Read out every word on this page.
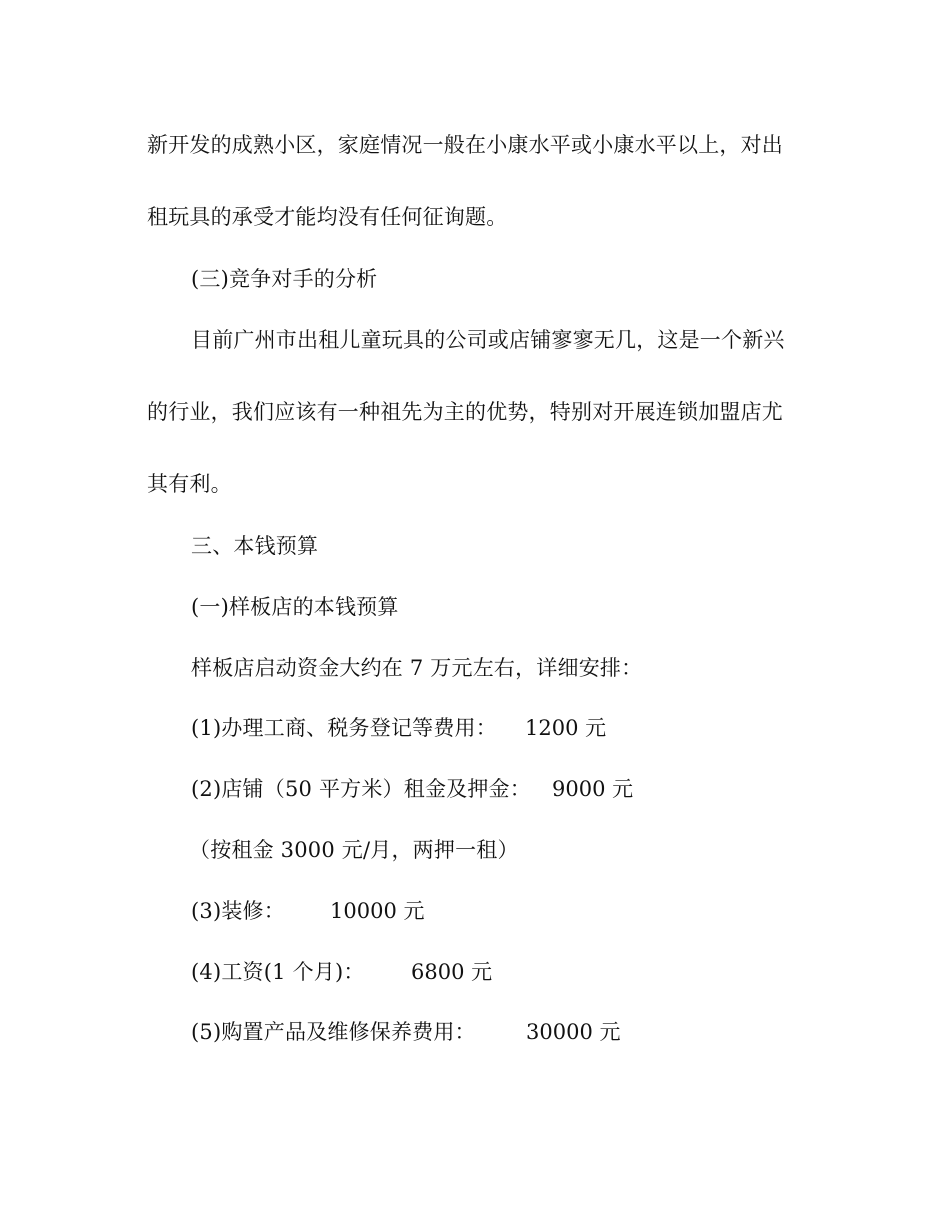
新开发的成熟小区，家庭情况一般在小康水平或小康水平以上，对出
租玩具的承受才能均没有任何征询题。
(三)竞争对手的分析
目前广州市出租儿童玩具的公司或店铺寥寥无几，这是一个新兴
的行业，我们应该有一种祖先为主的优势，特别对开展连锁加盟店尤
其有利。
三、本钱预算
(一)样板店的本钱预算
样板店启动资金大约在 7 万元左右，详细安排：
(1)办理工商、税务登记等费用： 1200 元
(2)店铺（50 平方米）租金及押金： 9000 元
（按租金 3000 元/月，两押一租）
(3)装修： 10000 元
(4)工资(1 个月)： 6800 元
(5)购置产品及维修保养费用： 30000 元
